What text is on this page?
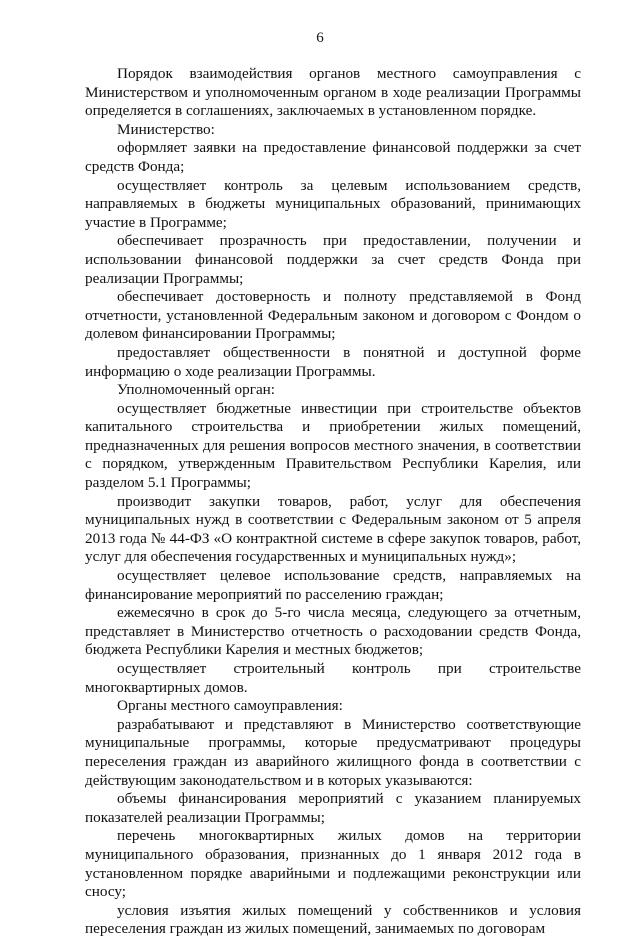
6

Порядок взаимодействия органов местного самоуправления с Министерством и уполномоченным органом в ходе реализации Программы определяется в соглашениях, заключаемых в установленном порядке.

Министерство:

оформляет заявки на предоставление финансовой поддержки за счет средств Фонда;

осуществляет контроль за целевым использованием средств, направляемых в бюджеты муниципальных образований, принимающих участие в Программе;

обеспечивает прозрачность при предоставлении, получении и использовании финансовой поддержки за счет средств Фонда при реализации Программы;

обеспечивает достоверность и полноту представляемой в Фонд отчетности, установленной Федеральным законом и договором с Фондом о долевом финансировании Программы;

предоставляет общественности в понятной и доступной форме информацию о ходе реализации Программы.

Уполномоченный орган:

осуществляет бюджетные инвестиции при строительстве объектов капитального строительства и приобретении жилых помещений, предназначенных для решения вопросов местного значения, в соответствии с порядком, утвержденным Правительством Республики Карелия, или разделом 5.1 Программы;

производит закупки товаров, работ, услуг для обеспечения муниципальных нужд в соответствии с Федеральным законом от 5 апреля 2013 года № 44-ФЗ «О контрактной системе в сфере закупок товаров, работ, услуг для обеспечения государственных и муниципальных нужд»;

осуществляет целевое использование средств, направляемых на финансирование мероприятий по расселению граждан;

ежемесячно в срок до 5-го числа месяца, следующего за отчетным, представляет в Министерство отчетность о расходовании средств Фонда, бюджета Республики Карелия и местных бюджетов;

осуществляет строительный контроль при строительстве многоквартирных домов.

Органы местного самоуправления:

разрабатывают и представляют в Министерство соответствующие муниципальные программы, которые предусматривают процедуры переселения граждан из аварийного жилищного фонда в соответствии с действующим законодательством и в которых указываются:

объемы финансирования мероприятий с указанием планируемых показателей реализации Программы;

перечень многоквартирных жилых домов на территории муниципального образования, признанных до 1 января 2012 года в установленном порядке аварийными и подлежащими реконструкции или сносу;

условия изъятия жилых помещений у собственников и условия переселения граждан из жилых помещений, занимаемых по договорам
